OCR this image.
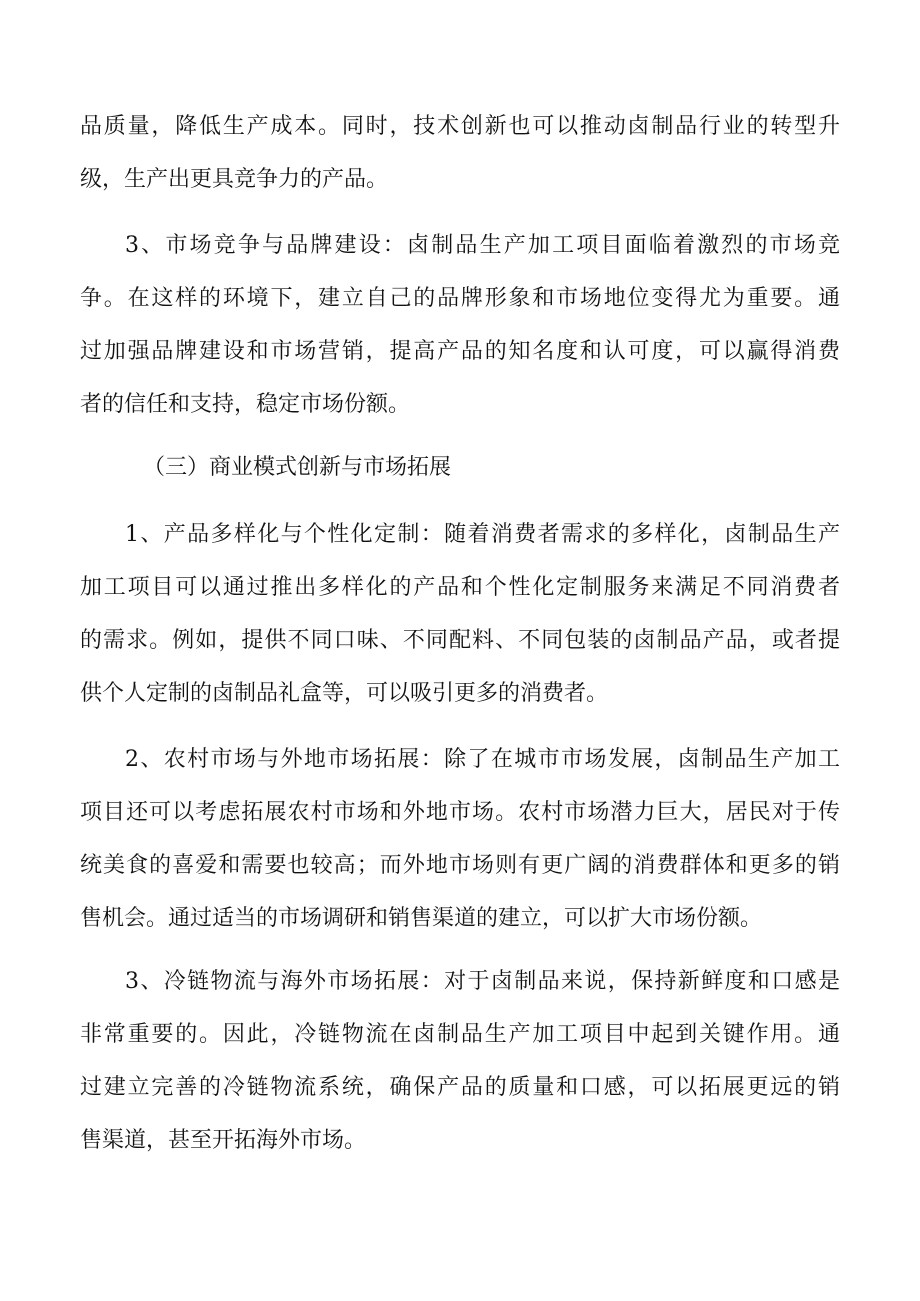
品质量，降低生产成本。同时，技术创新也可以推动卤制品行业的转型升
级，生产出更具竞争力的产品。
3、市场竞争与品牌建设：卤制品生产加工项目面临着激烈的市场竞
争。在这样的环境下，建立自己的品牌形象和市场地位变得尤为重要。通
过加强品牌建设和市场营销，提高产品的知名度和认可度，可以赢得消费
者的信任和支持，稳定市场份额。
（三）商业模式创新与市场拓展
1、产品多样化与个性化定制：随着消费者需求的多样化，卤制品生产
加工项目可以通过推出多样化的产品和个性化定制服务来满足不同消费者
的需求。例如，提供不同口味、不同配料、不同包装的卤制品产品，或者提
供个人定制的卤制品礼盒等，可以吸引更多的消费者。
2、农村市场与外地市场拓展：除了在城市市场发展，卤制品生产加工
项目还可以考虑拓展农村市场和外地市场。农村市场潜力巨大，居民对于传
统美食的喜爱和需要也较高；而外地市场则有更广阔的消费群体和更多的销
售机会。通过适当的市场调研和销售渠道的建立，可以扩大市场份额。
3、冷链物流与海外市场拓展：对于卤制品来说，保持新鲜度和口感是
非常重要的。因此，冷链物流在卤制品生产加工项目中起到关键作用。通
过建立完善的冷链物流系统，确保产品的质量和口感，可以拓展更远的销
售渠道，甚至开拓海外市场。
